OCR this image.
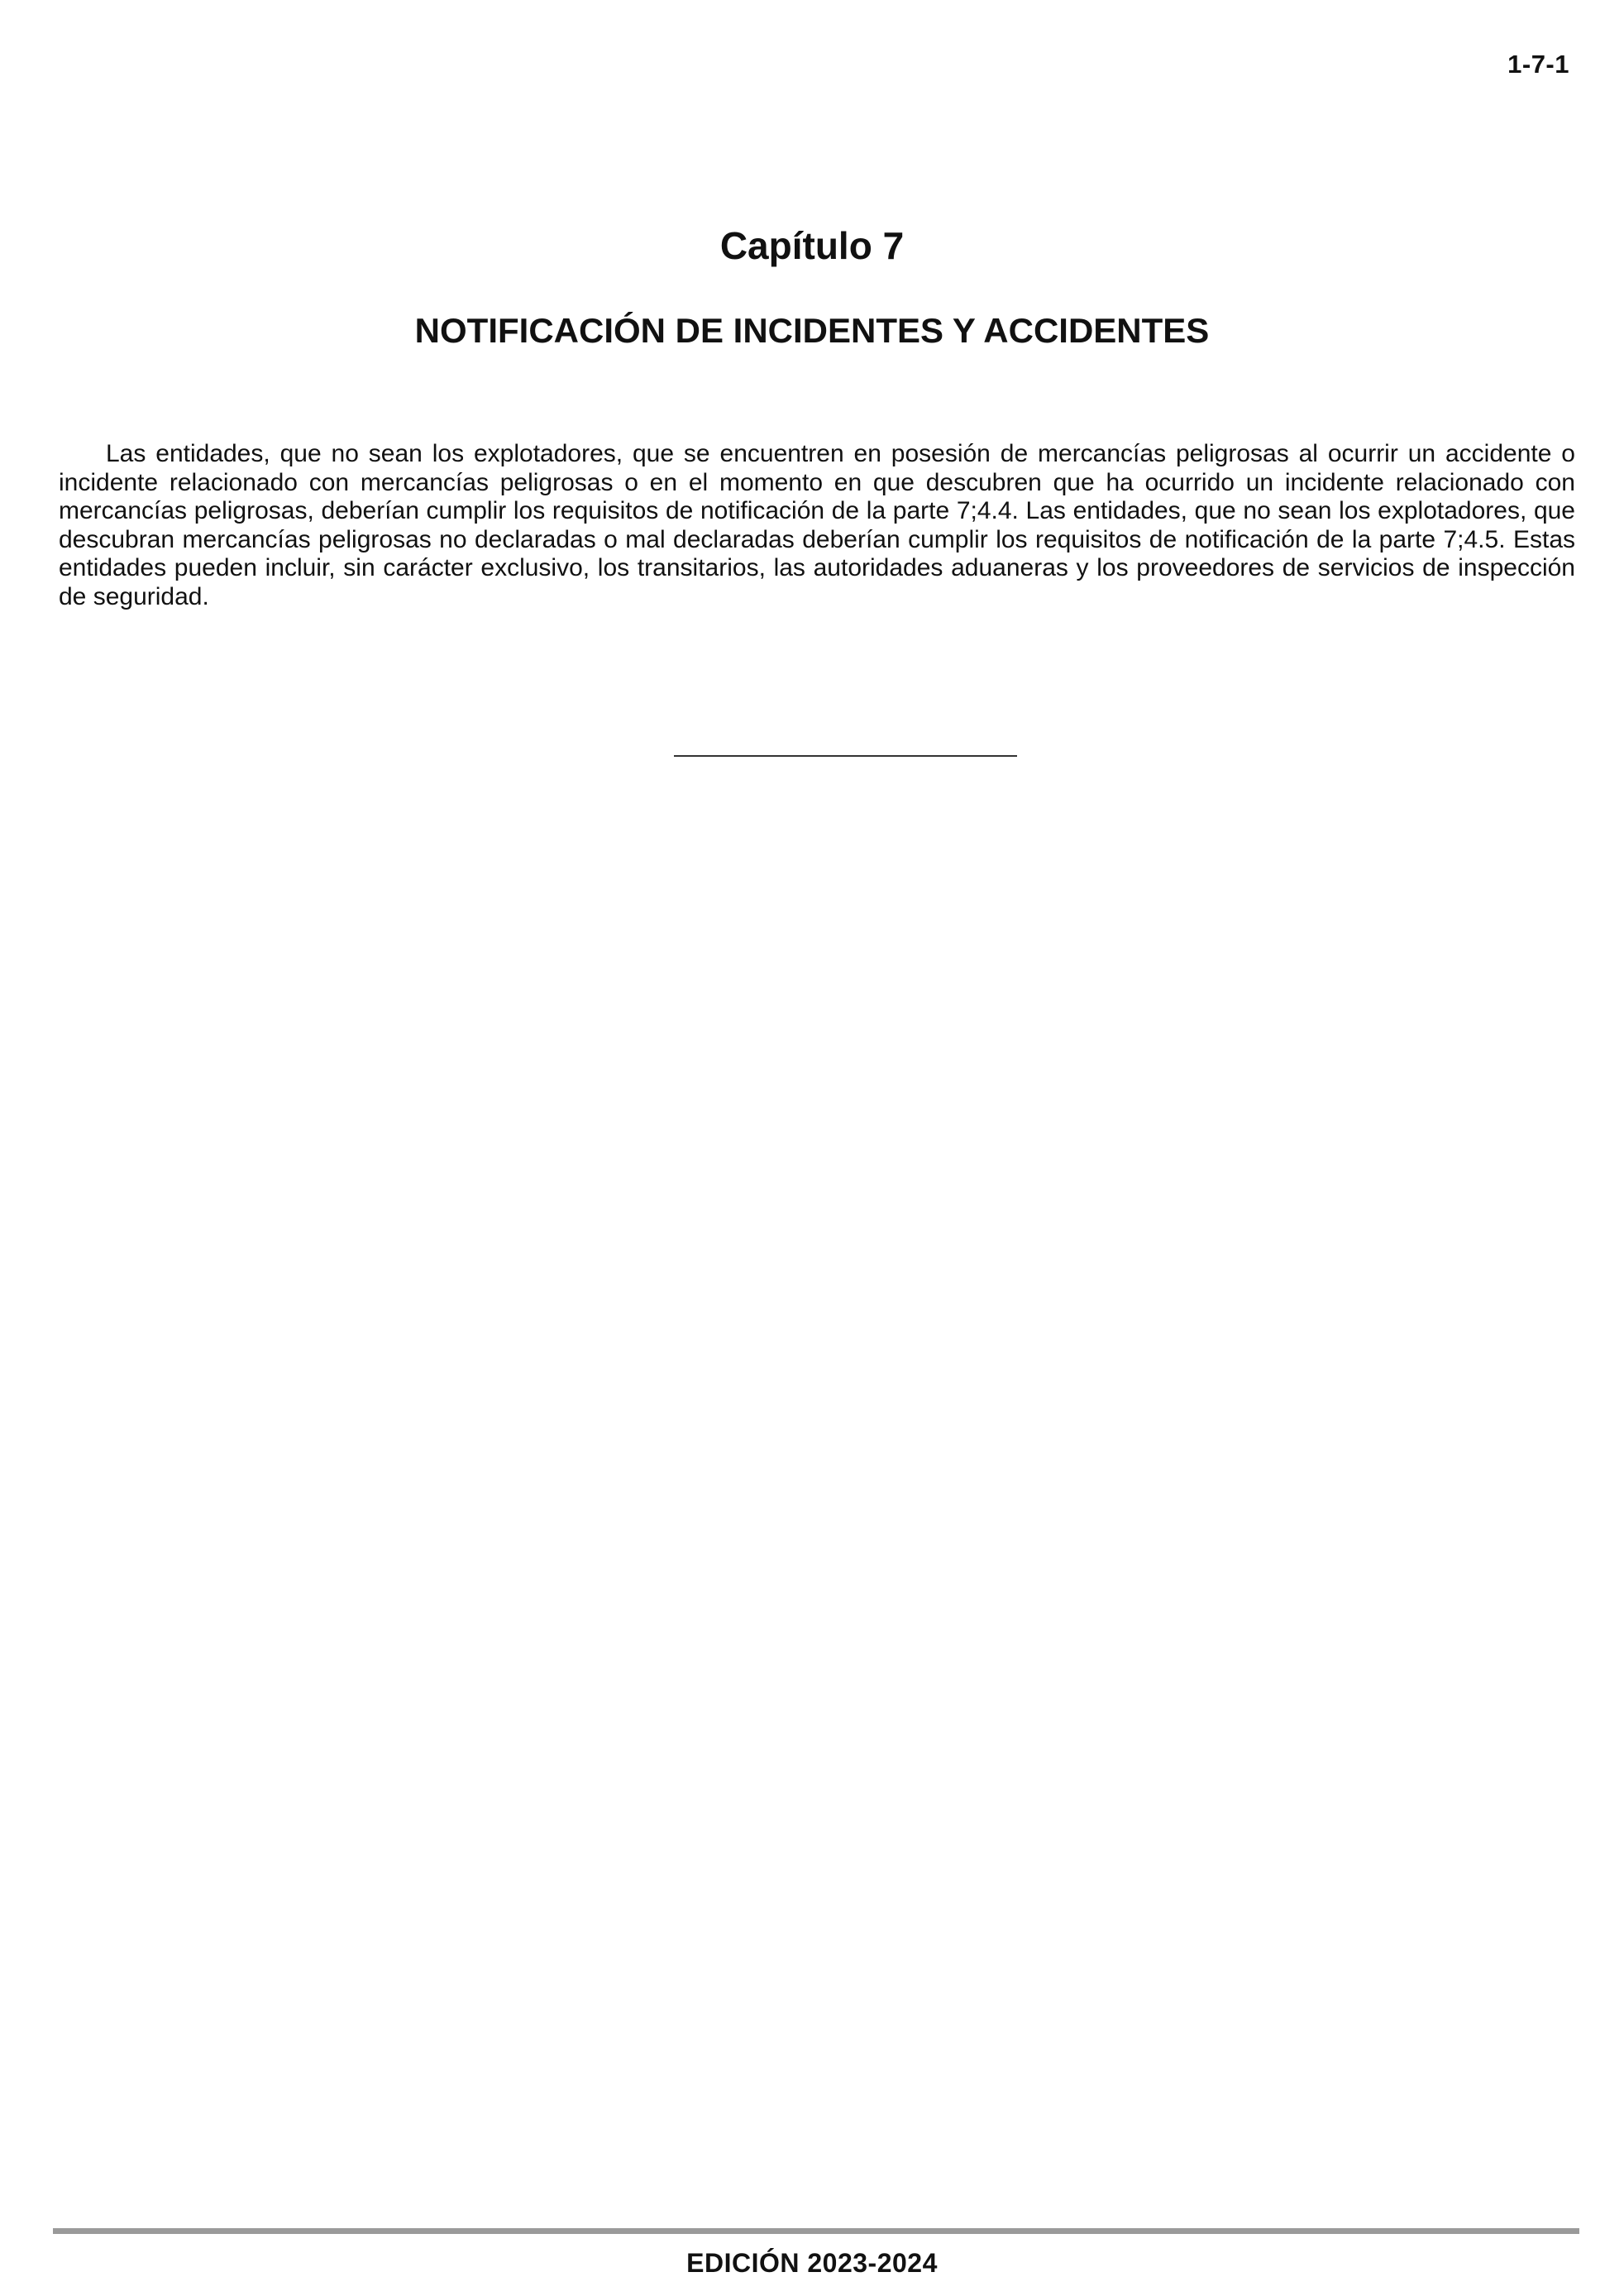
1-7-1
Capítulo 7
NOTIFICACIÓN DE INCIDENTES Y ACCIDENTES

Las entidades, que no sean los explotadores, que se encuentren en posesión de mercancías peligrosas al ocurrir un accidente o incidente relacionado con mercancías peligrosas o en el momento en que descubren que ha ocurrido un incidente relacionado con mercancías peligrosas, deberían cumplir los requisitos de notificación de la parte 7;4.4. Las entidades, que no sean los explotadores, que descubran mercancías peligrosas no declaradas o mal declaradas deberían cumplir los requisitos de notificación de la parte 7;4.5. Estas entidades pueden incluir, sin carácter exclusivo, los transitarios, las autoridades aduaneras y los proveedores de servicios de inspección de seguridad.

EDICIÓN 2023-2024
